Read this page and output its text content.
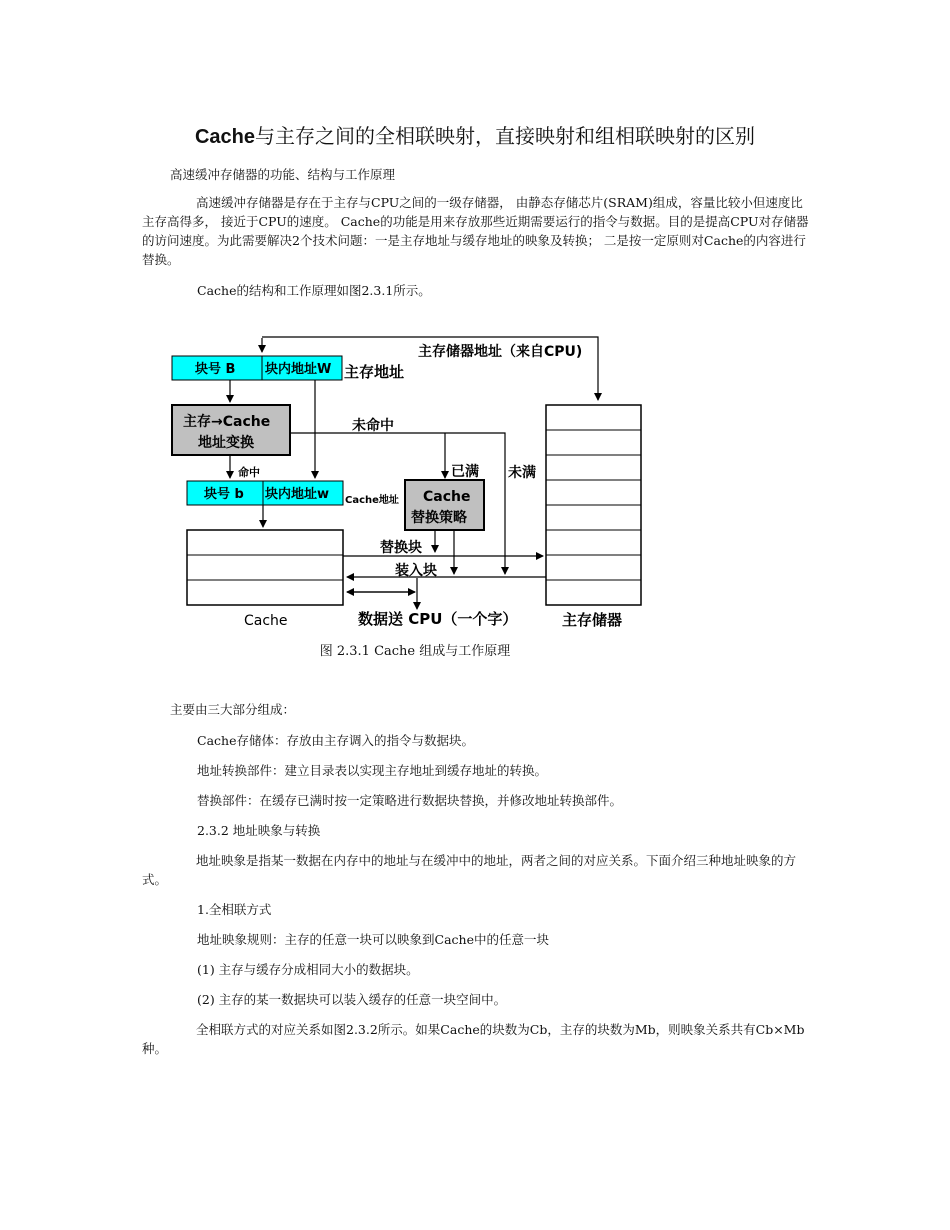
Cache与主存之间的全相联映射，直接映射和组相联映射的区别
高速缓冲存储器的功能、结构与工作原理
高速缓冲存储器是存在于主存与CPU之间的一级存储器， 由静态存储芯片(SRAM)组成，容量比较小但速度比主存高得多， 接近于CPU的速度。 Cache的功能是用来存放那些近期需要运行的指令与数据。目的是提高CPU对存储器的访问速度。为此需要解决2个技术问题：一是主存地址与缓存地址的映象及转换； 二是按一定原则对Cache的内容进行替换。
Cache的结构和工作原理如图2.3.1所示。
主存储器地址（来自CPU)
块号 B 块内地址W 主存地址
主存→Cache
地址变换
未命中
命中	已满 未满
块号 b 块内地址w Cache地址 Cache
替换策略
Cache
替换块
装入块
数据送 CPU（一个字）	主存储器
图 2.3.1 Cache 组成与工作原理
主要由三大部分组成：
Cache存储体：存放由主存调入的指令与数据块。
地址转换部件：建立目录表以实现主存地址到缓存地址的转换。
替换部件：在缓存已满时按一定策略进行数据块替换，并修改地址转换部件。
2.3.2 地址映象与转换
地址映象是指某一数据在内存中的地址与在缓冲中的地址，两者之间的对应关系。下面介绍三种地址映象的方式。
1.全相联方式
地址映象规则：主存的任意一块可以映象到Cache中的任意一块
(1) 主存与缓存分成相同大小的数据块。
(2) 主存的某一数据块可以装入缓存的任意一块空间中。
全相联方式的对应关系如图2.3.2所示。如果Cache的块数为Cb，主存的块数为Mb，则映象关系共有Cb×Mb种。
